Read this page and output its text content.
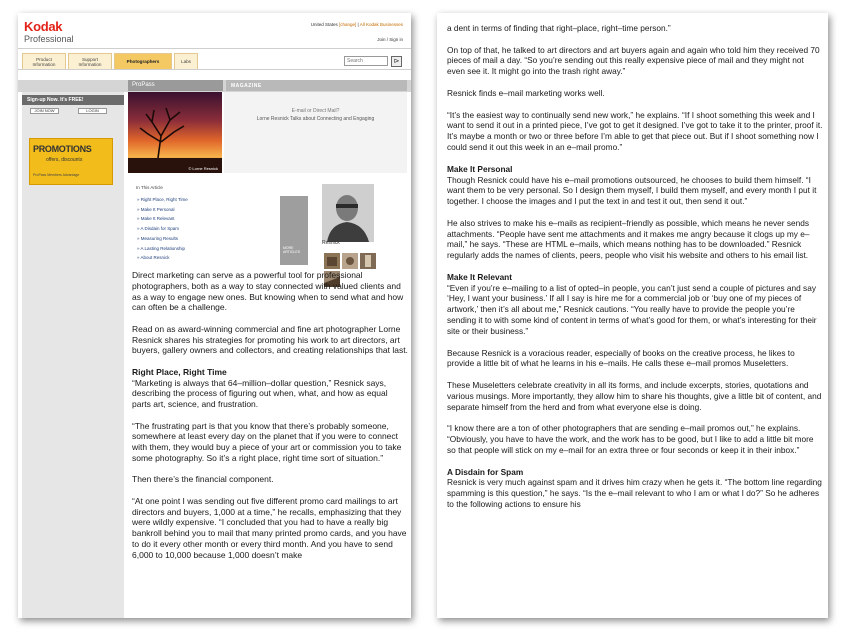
Kodak
Professional
United States [change] | All Kodak Businesses
Join / Sign in
Product
Information
Support
Information	Photographers	Labs	Search	⊳
Sign-up Now. It's FREE!
JOIN NOW	LOGIN
PROMOTIONS
offers, discounts
ProPass Members Advantage
ProPass	MAGAZINE
© Lorne Resnick
E-mail or Direct Mail?
Lorne Resnick Talks about Connecting and Engaging
In This Article
» Right Place, Right Time
» Make It Personal
» Make It Relevant
» A Disdain for Spam
» Measuring Results
» A Lasting Relationship
» About Resnick
MORE ARTICLES
Resnick

Direct marketing can serve as a powerful tool for professional photographers, both as a way to stay connected with valued clients and as a way to engage new ones. But knowing when to send what and how can often be a challenge.

Read on as award-winning commercial and fine art photographer Lorne Resnick shares his strategies for promoting his work to art directors, art buyers, gallery owners and collectors, and creating relationships that last.

Right Place, Right Time

“Marketing is always that 64–million–dollar question,” Resnick says, describing the process of figuring out when, what, and how as equal parts art, science, and frustration.

“The frustrating part is that you know that there’s probably someone, somewhere at least every day on the planet that if you were to connect with them, they would buy a piece of your art or commission you to take some photography. So it’s a right place, right time sort of situation.”

Then there’s the financial component.

“At one point I was sending out five different promo card mailings to art directors and buyers, 1,000 at a time,” he recalls, emphasizing that they were wildly expensive. “I concluded that you had to have a really big bankroll behind you to mail that many printed promo cards, and you have to do it every other month or every third month. And you have to send 6,000 to 10,000 because 1,000 doesn’t make

a dent in terms of finding that right–place, right–time person.”

On top of that, he talked to art directors and art buyers again and again who told him they received 70 pieces of mail a day. “So you’re sending out this really expensive piece of mail and they might not even see it. It might go into the trash right away.”

Resnick finds e–mail marketing works well.

“It’s the easiest way to continually send new work,” he explains. “If I shoot something this week and I want to send it out in a printed piece, I’ve got to get it designed. I’ve got to take it to the printer, proof it. It’s maybe a month or two or three before I’m able to get that piece out. But if I shoot something now I could send it out this week in an e–mail promo.”

Make It Personal

Though Resnick could have his e–mail promotions outsourced, he chooses to build them himself. “I want them to be very personal. So I design them myself, I build them myself, and every month I put it together. I choose the images and I put the text in and test it out, then send it out.”

He also strives to make his e–mails as recipient–friendly as possible, which means he never sends attachments. “People have sent me attachments and it makes me angry because it clogs up my e–mail,” he says. “These are HTML e–mails, which means nothing has to be downloaded.” Resnick regularly adds the names of clients, peers, people who visit his website and others to his email list.

Make It Relevant

“Even if you’re e–mailing to a list of opted–in people, you can’t just send a couple of pictures and say ‘Hey, I want your business.’ If all I say is hire me for a commercial job or ‘buy one of my pieces of artwork,’ then it’s all about me,” Resnick cautions. “You really have to provide the people you’re sending it to with some kind of content in terms of what’s good for them, or what’s interesting for their site or their business.”

Because Resnick is a voracious reader, especially of books on the creative process, he likes to provide a little bit of what he learns in his e–mails. He calls these e–mail promos Museletters.

These Museletters celebrate creativity in all its forms, and include excerpts, stories, quotations and various musings. More importantly, they allow him to share his thoughts, give a little bit of content, and separate himself from the herd and from what everyone else is doing.

“I know there are a ton of other photographers that are sending e–mail promos out,” he explains. “Obviously, you have to have the work, and the work has to be good, but I like to add a little bit more so that people will stick on my e–mail for an extra three or four seconds or keep it in their inbox.”

A Disdain for Spam

Resnick is very much against spam and it drives him crazy when he gets it. “The bottom line regarding spamming is this question,” he says. “Is the e–mail relevant to who I am or what I do?” So he adheres to the following actions to ensure his
